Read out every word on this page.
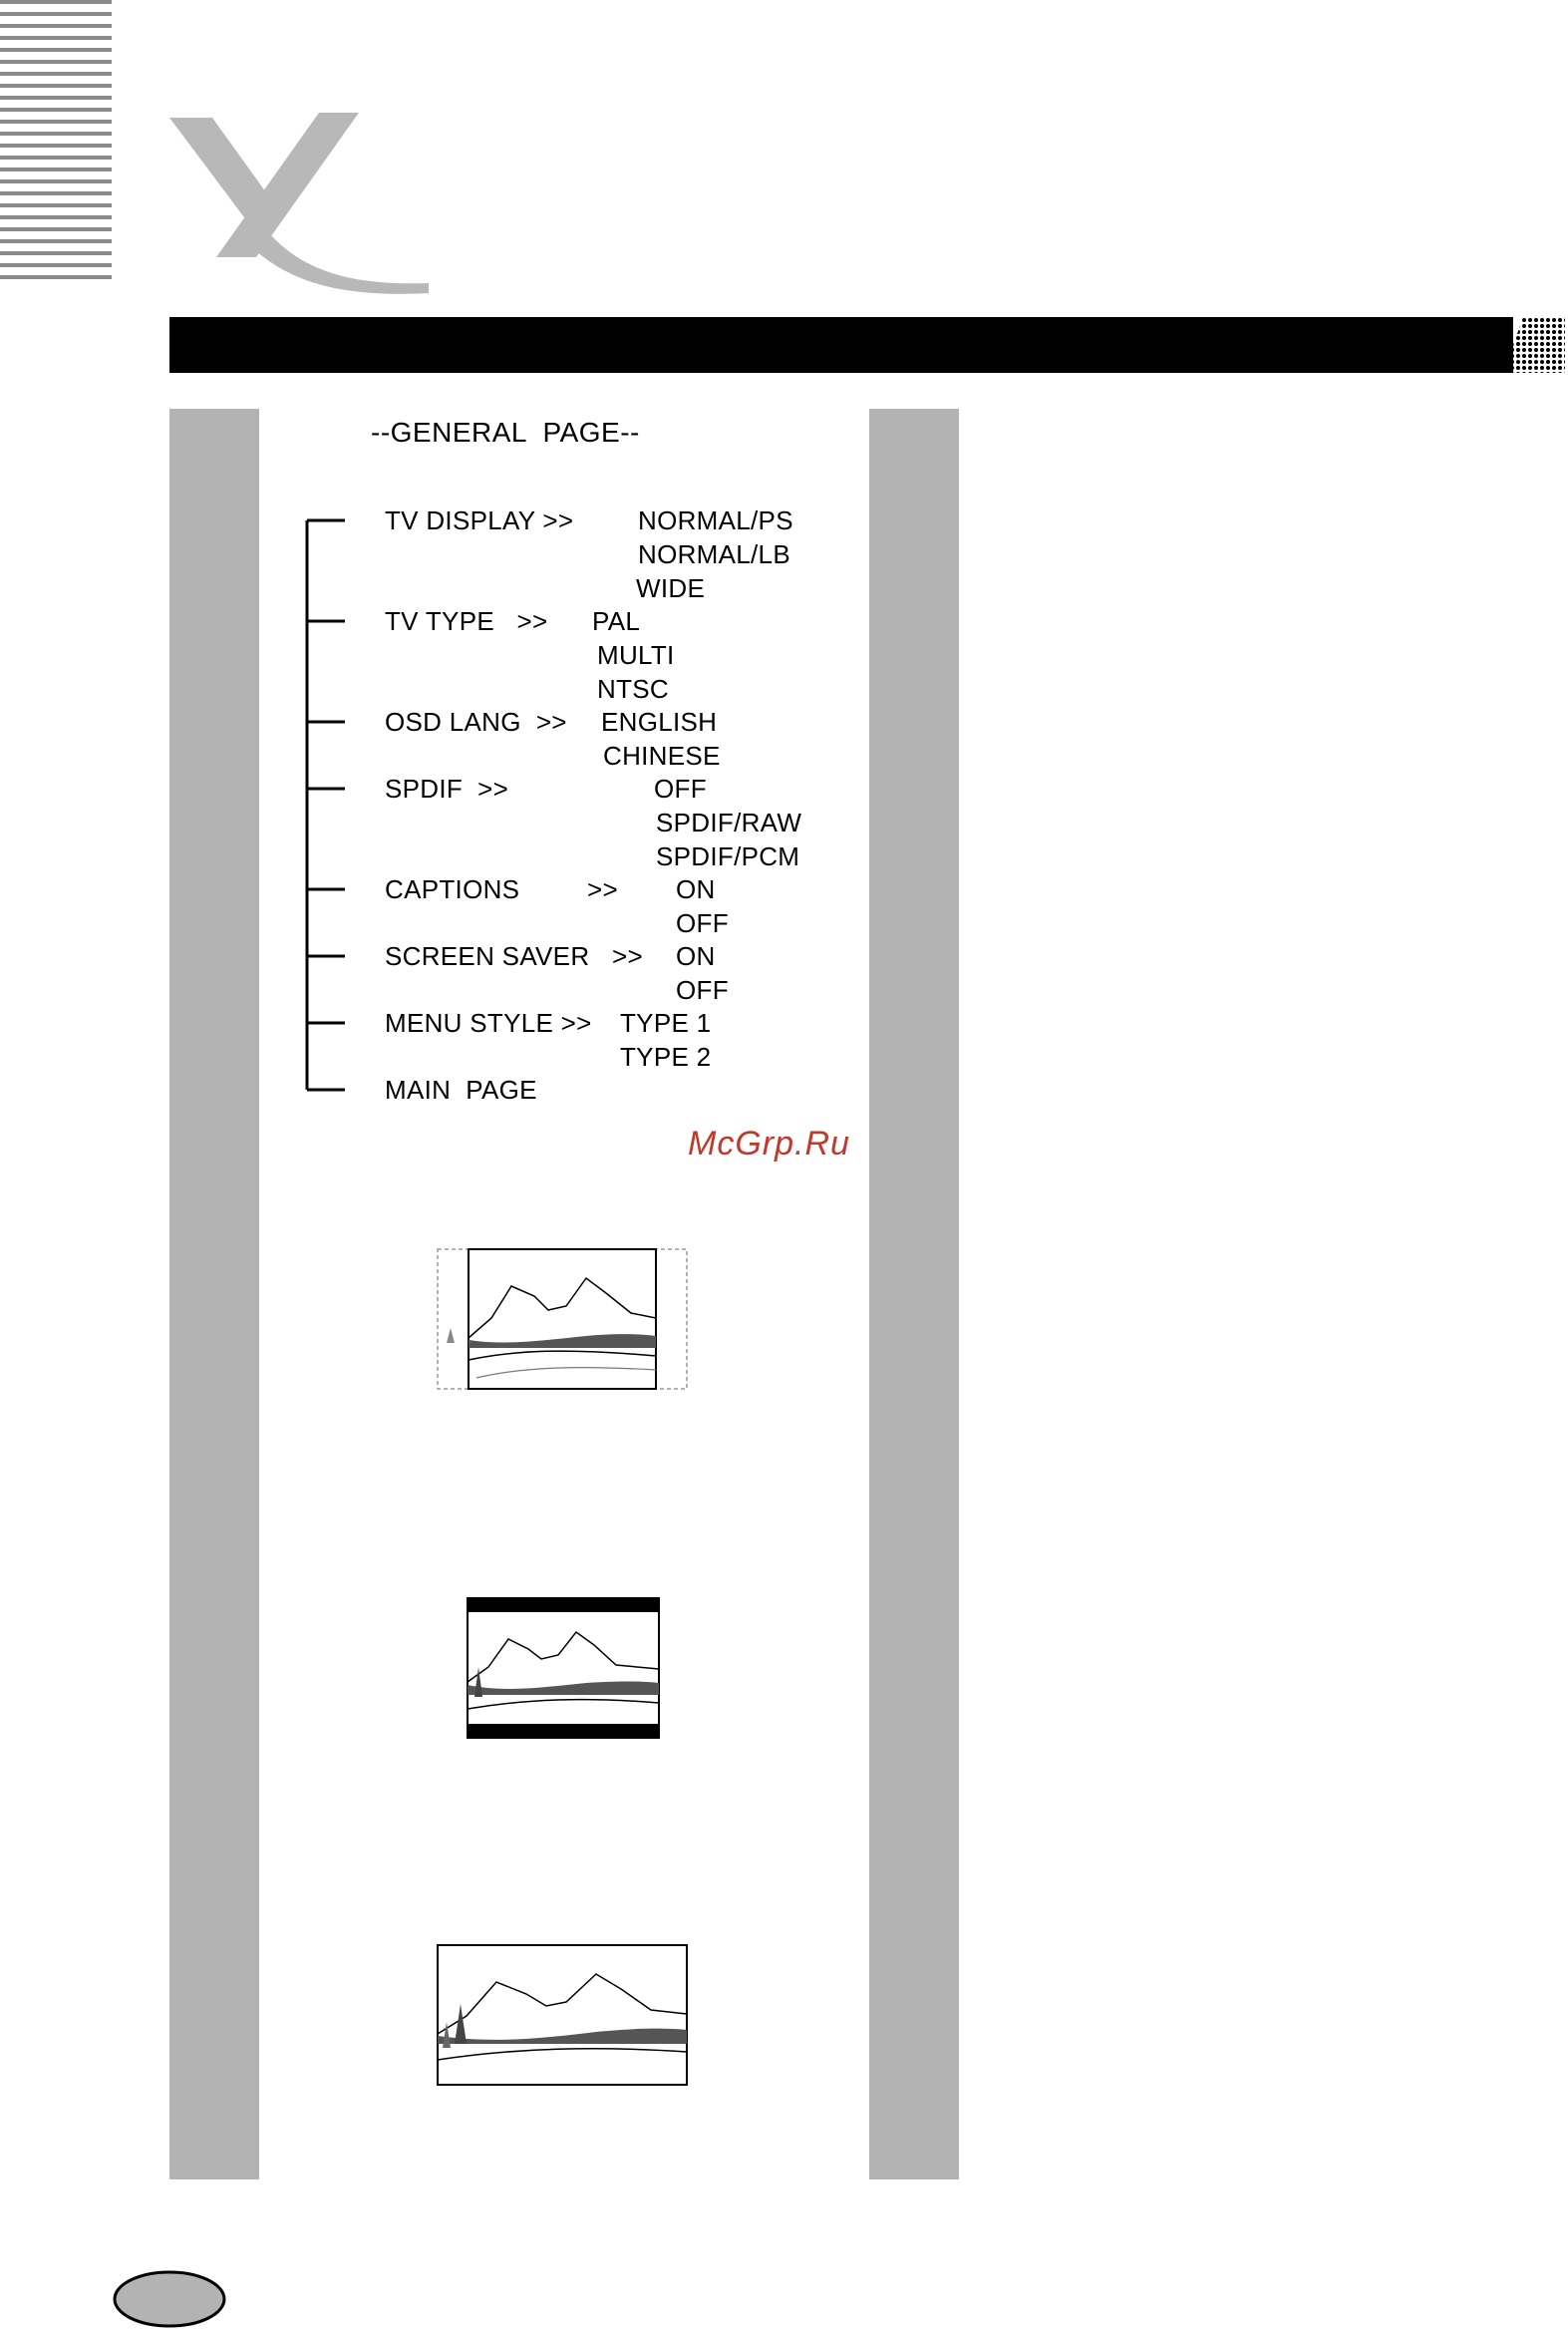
--GENERAL  PAGE--
TV DISPLAY >>
TV TYPE   >>
OSD LANG  >>
SPDIF  >>
CAPTIONS         >>
SCREEN SAVER   >>
MENU STYLE >>
MAIN  PAGE
NORMAL/PS
NORMAL/LB
WIDE
PAL
MULTI
NTSC
ENGLISH
CHINESE
OFF
SPDIF/RAW
SPDIF/PCM
ON
OFF
ON
OFF
TYPE 1
TYPE 2
McGrp.Ru
